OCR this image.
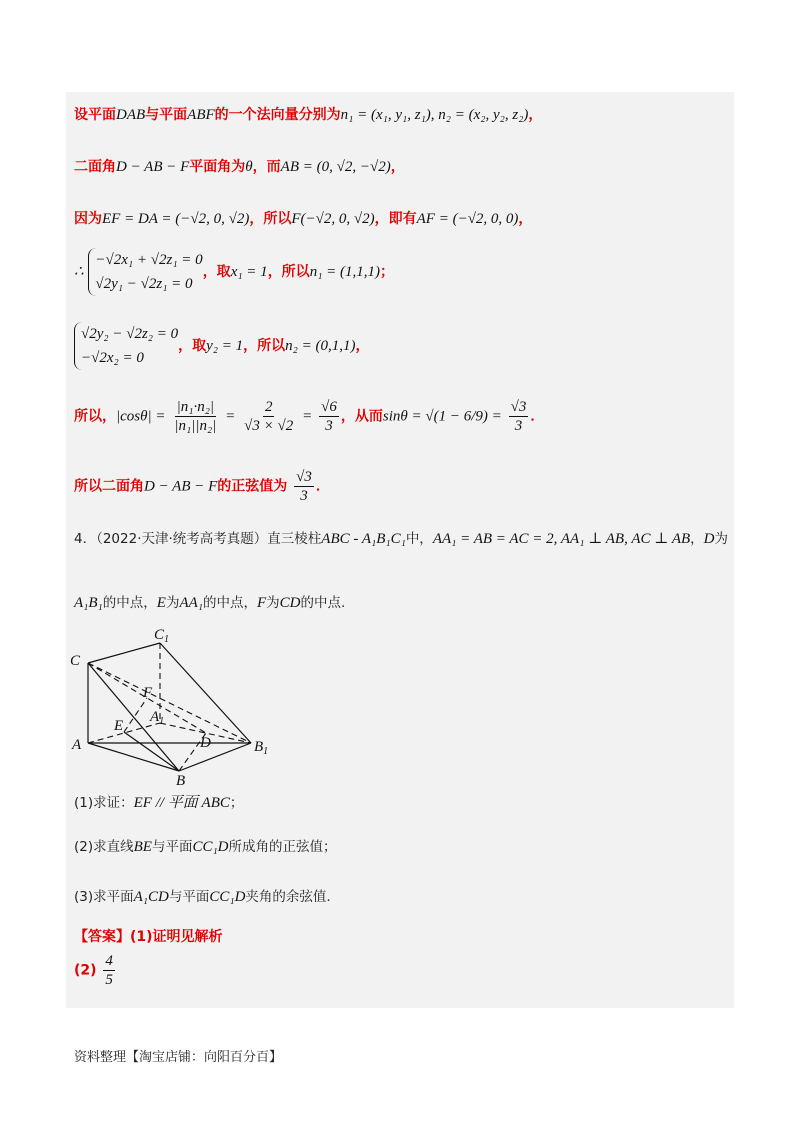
设平面DAB与平面ABF的一个法向量分别为n₁ = (x₁, y₁, z₁), n₂ = (x₂, y₂, z₂)，
二面角D − AB − F平面角为θ，而AB = (0, √2, −√2)，
因为EF = DA = (−√2, 0, √2)，所以F(−√2, 0, √2)，即有AF = (−√2, 0, 0)，
∴ −√2x₁ + √2z₁ = 0
√2y₁ − √2z₁ = 0，取x₁ = 1，所以n₁ = (1,1,1)；
√2y₂ − √2z₂ = 0
−√2x₂ = 0，取y₂ = 1，所以n₂ = (0,1,1)，
所以，$|\cos\theta| = \frac{\text{|n₁·n₂|}}{\text{|n₁||n₂|}} = \frac{2}{√3 \times √2} = \frac{√6}{3}$ ，从而$\sin\theta = √(1 - 6/9) = \frac{√3}{3}$ ．
所以二面角D − AB − F的正弦值为 $\frac{√3}{3}$ ．
4．（2022·天津·统考高考真题）直三棱柱ABC - A₁B₁C₁中，AA₁ = AB = AC = 2, AA₁ ⊥ AB, AC ⊥ AB，D为
A₁B₁的中点，E为AA₁的中点，F为CD的中点.
$C_1$
C
F
$A_1$
E
D
A	$B_1$
B
(1)求证：EF // 平面 ABC；
(2)求直线BE与平面CC₁D所成角的正弦值；
(3)求平面A₁CD与平面CC₁D夹角的余弦值.
【答案】(1)证明见解析
$(2) \frac{4}{5}$
资料整理【淘宝店铺：向阳百分百】
